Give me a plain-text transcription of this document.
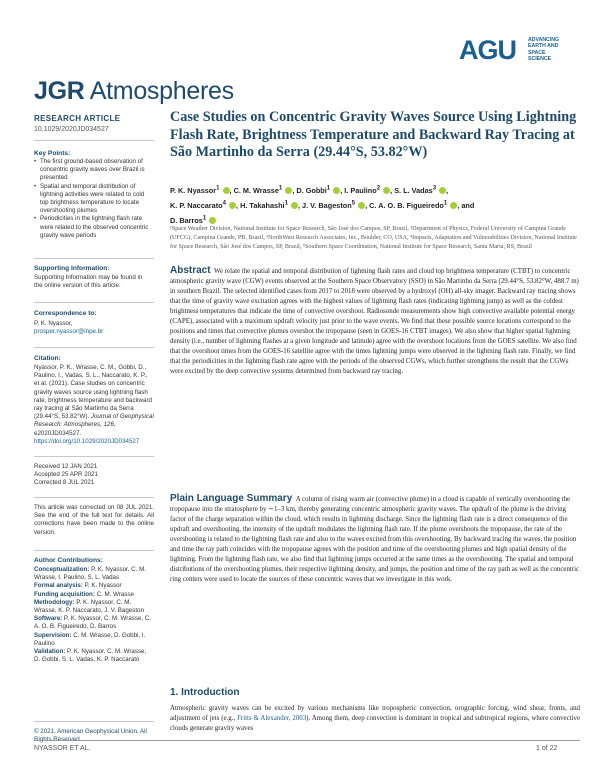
AGU ADVANCING
EARTH AND
SPACE SCIENCE
JGR Atmospheres
RESEARCH ARTICLE
10.1029/2020JD034527
Key Points:
• The first ground-based observation of concentric gravity waves over Brazil is presented
• Spatial and temporal distribution of lightning activities were related to cold top brightness temperature to locate overshooting plumes
• Periodicities in the lightning flash rate were related to the observed concentric gravity wave periods
Supporting Information:
Supporting Information may be found in the online version of this article.
Correspondence to:
P. K. Nyassor,
prosper.nyassor@inpe.br
Citation:
Nyassor, P. K., Wrasse, C. M., Gobbi, D., Paulino, I., Vadas, S. L., Naccarato, K. P., et al. (2021). Case studies on concentric gravity waves source using lightning flash rate, brightness temperature and backward ray tracing at São Martinho da Serra (29.44°S, 53.82°W). Journal of Geophysical Research: Atmospheres, 126, e2020JD034527. https://doi.org/10.1029/2020JD034527
Received 12 JAN 2021
Accepted 25 APR 2021
Corrected 8 JUL 2021
This article was corrected on 08 JUL 2021. See the end of the full text for details. All corrections have been made to the online version.
Author Contributions:
Conceptualization: P. K. Nyassor, C. M. Wrasse, I. Paulino, S. L. Vadas
Formal analysis: P. K. Nyassor
Funding acquisition: C. M. Wrasse
Methodology: P. K. Nyassor, C. M. Wrasse, K. P. Naccarato, J. V. Bageston
Software: P. K. Nyassor, C. M. Wrasse, C. A. O. B. Figueiredo, D. Barros
Supervision: C. M. Wrasse, D. Gobbi, I. Paulino
Validation: P. K. Nyassor, C. M. Wrasse, D. Gobbi, S. L. Vadas, K. P. Naccarato
© 2021. American Geophysical Union. All
Case Studies on Concentric Gravity Waves Source Using Lightning Flash Rate, Brightness Temperature and Backward Ray Tracing at São Martinho da Serra (29.44°S, 53.82°W)
P. K. Nyassor$^1$ , C. M. Wrasse$^1$ , D. Gobbi$^1$ , I. Paulino$^2$ , S. L. Vadas$^3$ ,
K. P. Naccarato$^4$ , H. Takahashi$^1$ , J. V. Bageston$^5$ , C. A. O. B. Figueiredo$^1$ , and
D. Barros$^1$
¹Space Weather Division, National Institute for Space Research, São José dos Campos, SP, Brazil, ²Department of Physics, Federal University of Campina Grande (UFCG), Campina Grande, PB, Brazil, ³NorthWest Research Associates, Inc., Boulder, CO, USA, ⁴Impacts, Adaptation and Vulnerabilities Division, National Institute for Space Research, São José dos Campos, SP, Brazil, ⁵Southern Space Coordination, National Institute for Space Research, Santa Maria, RS, Brazil
Abstract We relate the spatial and temporal distribution of lightning flash rates and cloud top brightness temperature (CTBT) to concentric atmospheric gravity wave (CGW) events observed at the Southern Space Observatory (SSO) in São Martinho da Serra (29.44°S, 53.82°W, 488.7 m) in southern Brazil. The selected identified cases from 2017 to 2018 were observed by a hydroxyl (OH) all-sky imager. Backward ray tracing shows that the time of gravity wave excitation agrees with the highest values of lightning flash rates (indicating lightning jump) as well as the coldest brightness temperatures that indicate the time of convective overshoot. Radiosonde measurements show high convective available potential energy (CAPE), associated with a maximum updraft velocity just prior to the wave events. We find that these possible source locations correspond to the positions and times that convective plumes overshot the tropopause (seen in GOES-16 CTBT images). We also show that higher spatial lightning density (i.e., number of lightning flashes at a given longitude and latitude) agree with the overshoot locations from the GOES satellite. We also find that the overshoot times from the GOES-16 satellite agree with the times lightning jumps were observed in the lightning flash rate. Finally, we find that the periodicities in the lightning flash rate agree with the periods of the observed CGWs, which further strengthens the result that the CGWs were excited by the deep convective systems determined from backward ray tracing.
Plain Language Summary A column of rising warm air (convective plume) in a cloud is capable of vertically overshooting the tropopause into the stratosphere by ∼1–3 km, thereby generating concentric atmospheric gravity waves. The updraft of the plume is the driving factor of the charge separation within the cloud, which results in lightning discharge. Since the lightning flash rate is a direct consequence of the updraft and overshooting, the intensity of the updraft modulates the lightning flash rate. If the plume overshoots the tropopause, the rate of the overshooting is related to the lightning flash rate and also to the waves excited from this overshooting. By backward tracing the waves, the position and time the ray path coincides with the tropopause agrees with the position and time of the overshooting plumes and high spatial density of the lightning. From the lightning flash rate, we also find that lightning jumps occurred at the same times as the overshooting. The spatial and temporal distributions of the overshooting plumes, their respective lightning density, and jumps, the position and time of the ray path as well as the concentric ring centers were used to locate the sources of these concentric waves that we investigate in this work.
1. Introduction
Atmospheric gravity waves can be excited by various mechanisms like tropospheric convection, orographic forcing, wind shear, fronts, and adjustment of jets (e.g., Fritts & Alexander, 2003). Among them, deep convection is dominant in tropical and subtropical regions, where convective clouds generate gravity waves
NYASSOR ET AL.	1 of 22
